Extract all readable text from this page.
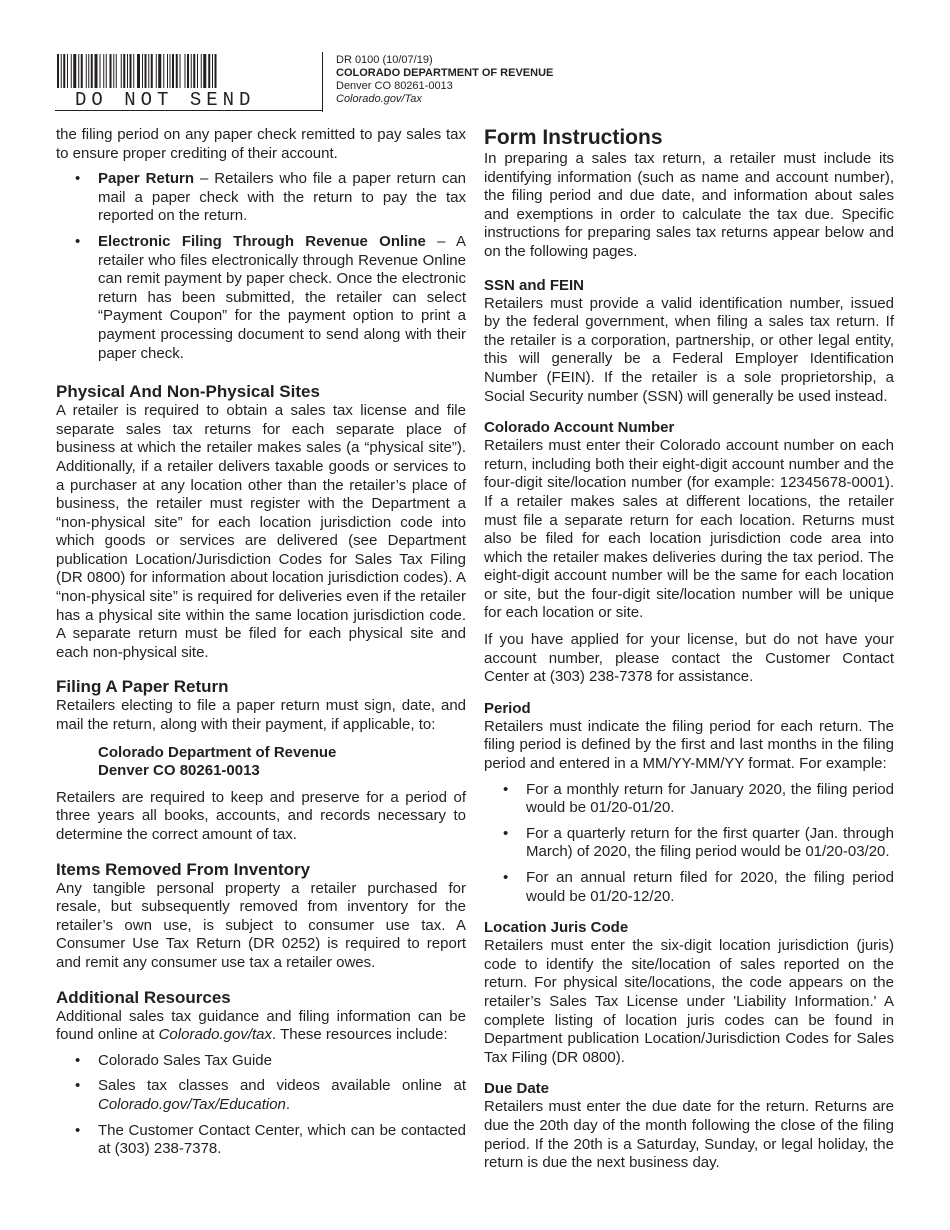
DO NOT SEND
DR 0100 (10/07/19)
COLORADO DEPARTMENT OF REVENUE
Denver CO 80261-0013
Colorado.gov/Tax

the filing period on any paper check remitted to pay sales tax to ensure proper crediting of their account.

• Paper Return – Retailers who file a paper return can mail a paper check with the return to pay the tax reported on the return.
• Electronic Filing Through Revenue Online – A retailer who files electronically through Revenue Online can remit payment by paper check. Once the electronic return has been submitted, the retailer can select “Payment Coupon” for the payment option to print a payment processing document to send along with their paper check.
Physical And Non-Physical Sites

A retailer is required to obtain a sales tax license and file separate sales tax returns for each separate place of business at which the retailer makes sales (a “physical site”). Additionally, if a retailer delivers taxable goods or services to a purchaser at any location other than the retailer’s place of business, the retailer must register with the Department a “non-physical site” for each location jurisdiction code into which goods or services are delivered (see Department publication Location/Jurisdiction Codes for Sales Tax Filing (DR 0800) for information about location jurisdiction codes). A “non-physical site” is required for deliveries even if the retailer has a physical site within the same location jurisdiction code. A separate return must be filed for each physical site and each non-physical site.

Filing A Paper Return

Retailers electing to file a paper return must sign, date, and mail the return, along with their payment, if applicable, to:

Colorado Department of Revenue
Denver CO 80261-0013

Retailers are required to keep and preserve for a period of three years all books, accounts, and records necessary to determine the correct amount of tax.

Items Removed From Inventory

Any tangible personal property a retailer purchased for resale, but subsequently removed from inventory for the retailer’s own use, is subject to consumer use tax. A Consumer Use Tax Return (DR 0252) is required to report and remit any consumer use tax a retailer owes.

Additional Resources

Additional sales tax guidance and filing information can be found online at Colorado.gov/tax. These resources include:

• Colorado Sales Tax Guide
• Sales tax classes and videos available online at Colorado.gov/Tax/Education.
• The Customer Contact Center, which can be contacted at (303) 238-7378.
Form Instructions

In preparing a sales tax return, a retailer must include its identifying information (such as name and account number), the filing period and due date, and information about sales and exemptions in order to calculate the tax due. Specific instructions for preparing sales tax returns appear below and on the following pages.

SSN and FEIN

Retailers must provide a valid identification number, issued by the federal government, when filing a sales tax return. If the retailer is a corporation, partnership, or other legal entity, this will generally be a Federal Employer Identification Number (FEIN). If the retailer is a sole proprietorship, a Social Security number (SSN) will generally be used instead.

Colorado Account Number

Retailers must enter their Colorado account number on each return, including both their eight-digit account number and the four-digit site/location number (for example: 12345678-0001). If a retailer makes sales at different locations, the retailer must file a separate return for each location. Returns must also be filed for each location jurisdiction code area into which the retailer makes deliveries during the tax period. The eight-digit account number will be the same for each location or site, but the four-digit site/location number will be unique for each location or site.

If you have applied for your license, but do not have your account number, please contact the Customer Contact Center at (303) 238-7378 for assistance.

Period

Retailers must indicate the filing period for each return. The filing period is defined by the first and last months in the filing period and entered in a MM/YY-MM/YY format. For example:

• For a monthly return for January 2020, the filing period would be 01/20-01/20.
• For a quarterly return for the first quarter (Jan. through March) of 2020, the filing period would be 01/20-03/20.
• For an annual return filed for 2020, the filing period would be 01/20-12/20.
Location Juris Code

Retailers must enter the six-digit location jurisdiction (juris) code to identify the site/location of sales reported on the return. For physical site/locations, the code appears on the retailer’s Sales Tax License under 'Liability Information.' A complete listing of location juris codes can be found in Department publication Location/Jurisdiction Codes for Sales Tax Filing (DR 0800).

Due Date

Retailers must enter the due date for the return. Returns are due the 20th day of the month following the close of the filing period. If the 20th is a Saturday, Sunday, or legal holiday, the return is due the next business day.
